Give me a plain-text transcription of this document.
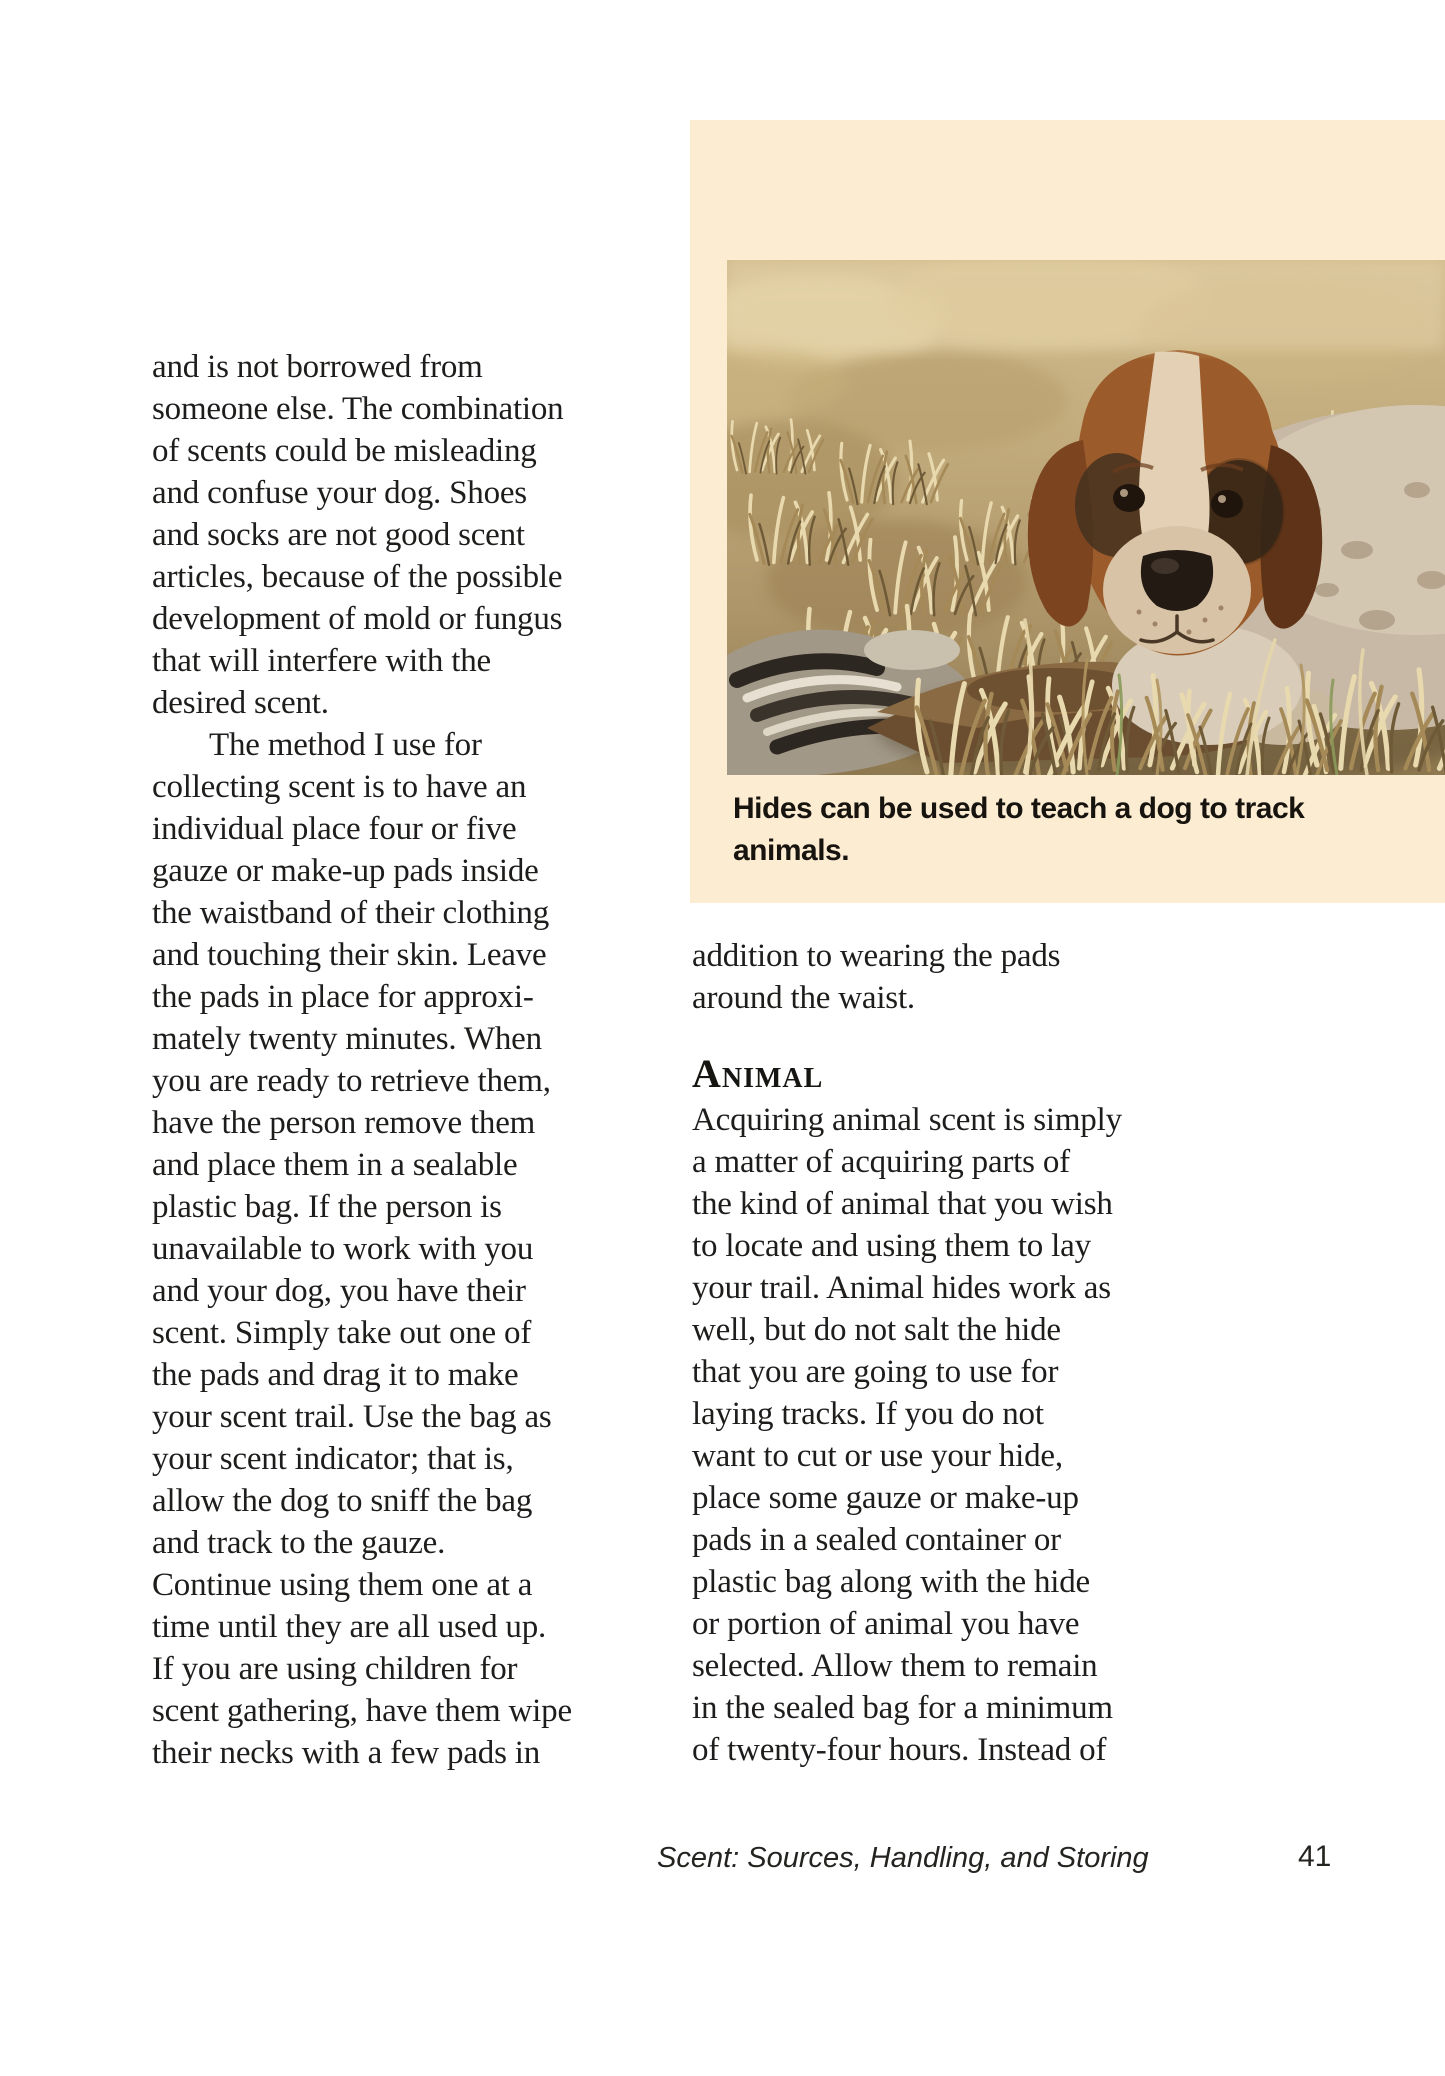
and is not borrowed from
someone else. The combination
of scents could be misleading
and confuse your dog. Shoes
and socks are not good scent
articles, because of the possible
development of mold or fungus
that will interfere with the
desired scent.
The method I use for
collecting scent is to have an
individual place four or five
gauze or make-up pads inside
the waistband of their clothing
and touching their skin. Leave
the pads in place for approxi-
mately twenty minutes. When
you are ready to retrieve them,
have the person remove them
and place them in a sealable
plastic bag. If the person is
unavailable to work with you
and your dog, you have their
scent. Simply take out one of
the pads and drag it to make
your scent trail. Use the bag as
your scent indicator; that is,
allow the dog to sniff the bag
and track to the gauze.
Continue using them one at a
time until they are all used up.
If you are using children for
scent gathering, have them wipe
their necks with a few pads in
Hides can be used to teach a dog to track
animals.
addition to wearing the pads
around the waist.
Animal
Acquiring animal scent is simply
a matter of acquiring parts of
the kind of animal that you wish
to locate and using them to lay
your trail. Animal hides work as
well, but do not salt the hide
that you are going to use for
laying tracks. If you do not
want to cut or use your hide,
place some gauze or make-up
pads in a sealed container or
plastic bag along with the hide
or portion of animal you have
selected. Allow them to remain
in the sealed bag for a minimum
of twenty-four hours. Instead of
Scent: Sources, Handling, and Storing	41
